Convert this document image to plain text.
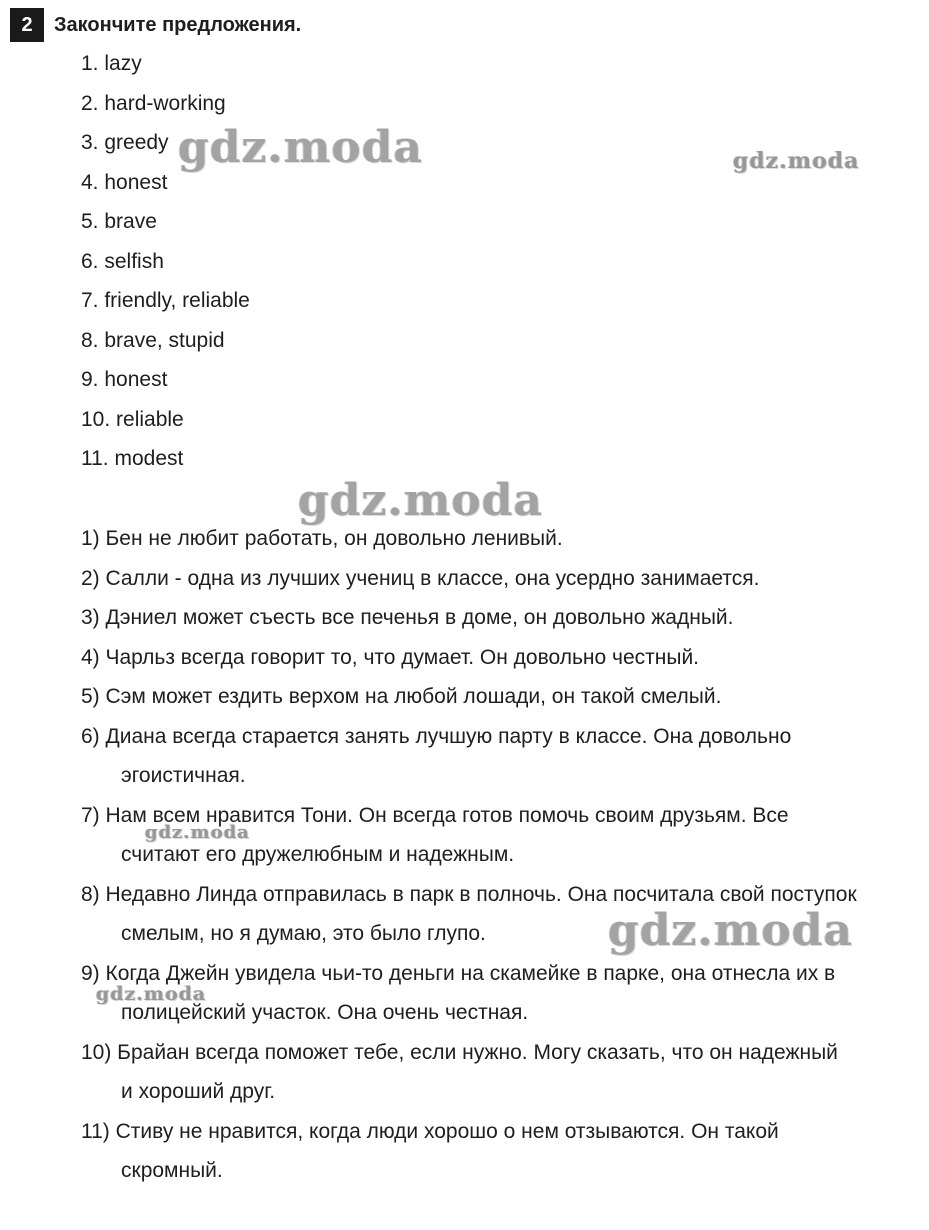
2	Закончите предложения.
1. lazy
2. hard-working
3. greedy
4. honest
5. brave
6. selfish
7. friendly, reliable
8. brave, stupid
9. honest
10. reliable
11. modest
1) Бен не любит работать, он довольно ленивый.
2) Салли - одна из лучших учениц в классе, она усердно занимается.
3) Дэниел может съесть все печенья в доме, он довольно жадный.
4) Чарльз всегда говорит то, что думает. Он довольно честный.
5) Сэм может ездить верхом на любой лошади, он такой смелый.
6) Диана всегда старается занять лучшую парту в классе. Она довольно
эгоистичная.
7) Нам всем нравится Тони. Он всегда готов помочь своим друзьям. Все
считают его дружелюбным и надежным.
8) Недавно Линда отправилась в парк в полночь. Она посчитала свой поступок
смелым, но я думаю, это было глупо.
9) Когда Джейн увидела чьи-то деньги на скамейке в парке, она отнесла их в
полицейский участок. Она очень честная.
10) Брайан всегда поможет тебе, если нужно. Могу сказать, что он надежный
и хороший друг.
11) Стиву не нравится, когда люди хорошо о нем отзываются. Он такой
скромный.
gdz.moda	gdz.moda
gdz.moda
gdz.moda
gdz.moda
gdz.moda
